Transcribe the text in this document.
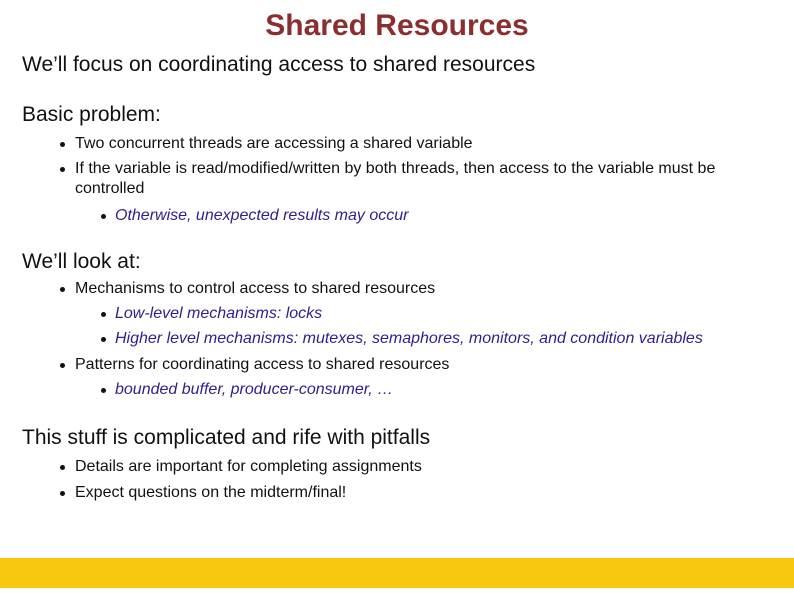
Shared Resources
We’ll focus on coordinating access to shared resources
Basic problem:
Two concurrent threads are accessing a shared variable
If the variable is read/modified/written by both threads, then access to the variable must be controlled
Otherwise, unexpected results may occur
We’ll look at:
Mechanisms to control access to shared resources
Low-level mechanisms: locks
Higher level mechanisms: mutexes, semaphores, monitors, and condition variables
Patterns for coordinating access to shared resources
bounded buffer, producer-consumer, …
This stuff is complicated and rife with pitfalls
Details are important for completing assignments
Expect questions on the midterm/final!
